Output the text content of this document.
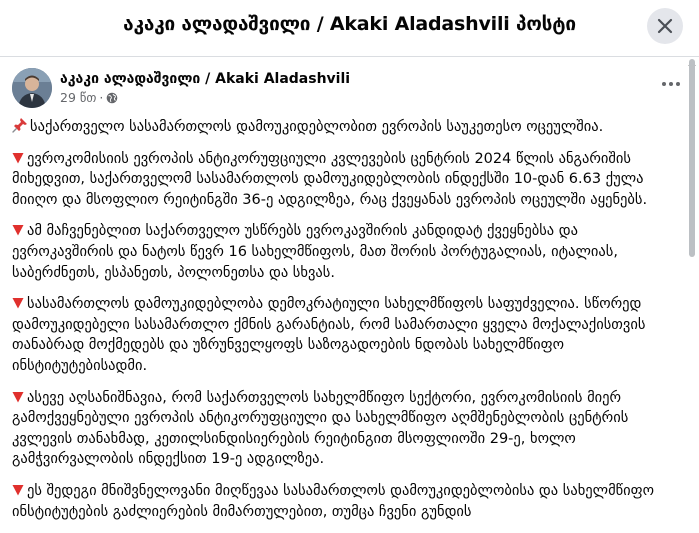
აკაკი ალადაშვილი / Akaki Aladashvili პოსტი
აკაკი ალადაშვილი / Akaki Aladashvili
29 წთ ·

საქართველო სასამართლოს დამოუკიდებლობით ევროპის საუკეთესო ოცეულშია.

ევროკომისიის ევროპის ანტიკორუფციული კვლევების ცენტრის 2024 წლის ანგარიშის მიხედვით, საქართველომ სასამართლოს დამოუკიდებლობის ინდექსში 10-დან 6.63 ქულა მიიღო და მსოფლიო რეიტინგში 36-ე ადგილზეა, რაც ქვეყანას ევროპის ოცეულში აყენებს.

ამ მაჩვენებლით საქართველო უსწრებს ევროკავშირის კანდიდატ ქვეყნებსა და ევროკავშირის და ნატოს წევრ 16 სახელმწიფოს, მათ შორის პორტუგალიას, იტალიას, საბერძნეთს, ესპანეთს, პოლონეთსა და სხვას.

სასამართლოს დამოუკიდებლობა დემოკრატიული სახელმწიფოს საფუძველია. სწორედ დამოუკიდებელი სასამართლო ქმნის გარანტიას, რომ სამართალი ყველა მოქალაქისთვის თანაბრად მოქმედებს და უზრუნველყოფს საზოგადოების ნდობას სახელმწიფო ინსტიტუტებისადმი.

ასევე აღსანიშნავია, რომ საქართველოს სახელმწიფო სექტორი, ევროკომისიის მიერ გამოქვეყნებული ევროპის ანტიკორუფციული და სახელმწიფო აღმშენებლობის ცენტრის კვლევის თანახმად, კეთილსინდისიერების რეიტინგით მსოფლიოში 29-ე, ხოლო გამჭვირვალობის ინდექსით 19-ე ადგილზეა.

ეს შედეგი მნიშვნელოვანი მიღწევაა სასამართლოს დამოუკიდებლობისა და სახელმწიფო ინსტიტუტების გაძლიერების მიმართულებით, თუმცა ჩვენი გუნდის
